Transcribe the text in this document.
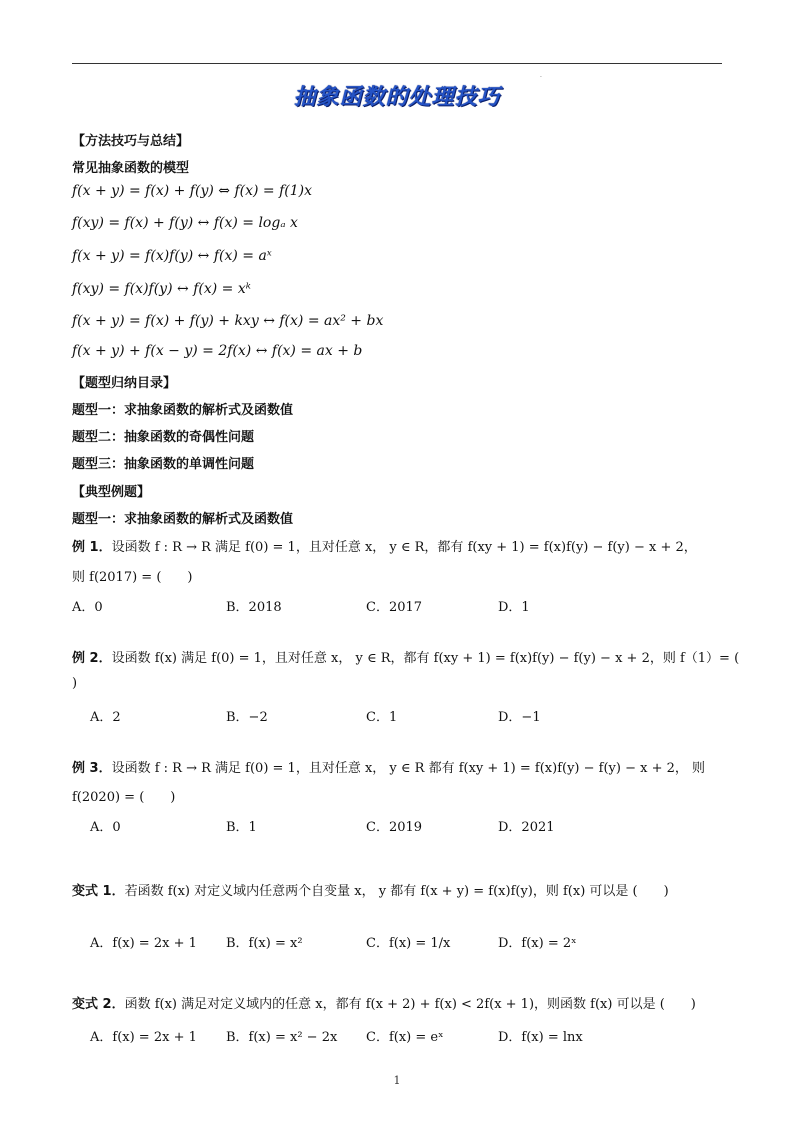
·
抽象函数的处理技巧
【方法技巧与总结】
常见抽象函数的模型
f(x + y) = f(x) + f(y) ⇔ f(x) = f(1)x
f(xy) = f(x) + f(y) ↔ f(x) = logₐ x
f(x + y) = f(x)f(y) ↔ f(x) = aˣ
f(xy) = f(x)f(y) ↔ f(x) = xᵏ
f(x + y) = f(x) + f(y) + kxy ↔ f(x) = ax² + bx
f(x + y) + f(x − y) = 2f(x) ↔ f(x) = ax + b
【题型归纳目录】
题型一：求抽象函数的解析式及函数值
题型二：抽象函数的奇偶性问题
题型三：抽象函数的单调性问题
【典型例题】
题型一：求抽象函数的解析式及函数值
例 1．设函数 f : R → R 满足 f(0) = 1，且对任意 x， y ∈ R，都有 f(xy + 1) = f(x)f(y) − f(y) − x + 2，
则 f(2017) = (　　)
A．0	B．2018	C．2017	D．1
例 2．设函数 f(x) 满足 f(0) = 1，且对任意 x， y ∈ R，都有 f(xy + 1) = f(x)f(y) − f(y) − x + 2，则 f（1）= (
)
A．2	B．−2	C．1	D．−1
例 3．设函数 f : R → R 满足 f(0) = 1，且对任意 x， y ∈ R 都有 f(xy + 1) = f(x)f(y) − f(y) − x + 2， 则
f(2020) = (　　)
A．0	B．1	C．2019	D．2021
变式 1．若函数 f(x) 对定义域内任意两个自变量 x， y 都有 f(x + y) = f(x)f(y)，则 f(x) 可以是 (　　)
A．f(x) = 2x + 1 B．f(x) = x²	C．f(x) = 1/x	D．f(x) = 2ˣ
变式 2．函数 f(x) 满足对定义域内的任意 x，都有 f(x + 2) + f(x) < 2f(x + 1)，则函数 f(x) 可以是 (　　)
A．f(x) = 2x + 1 B．f(x) = x² − 2x C．f(x) = eˣ	D．f(x) = lnx
1
